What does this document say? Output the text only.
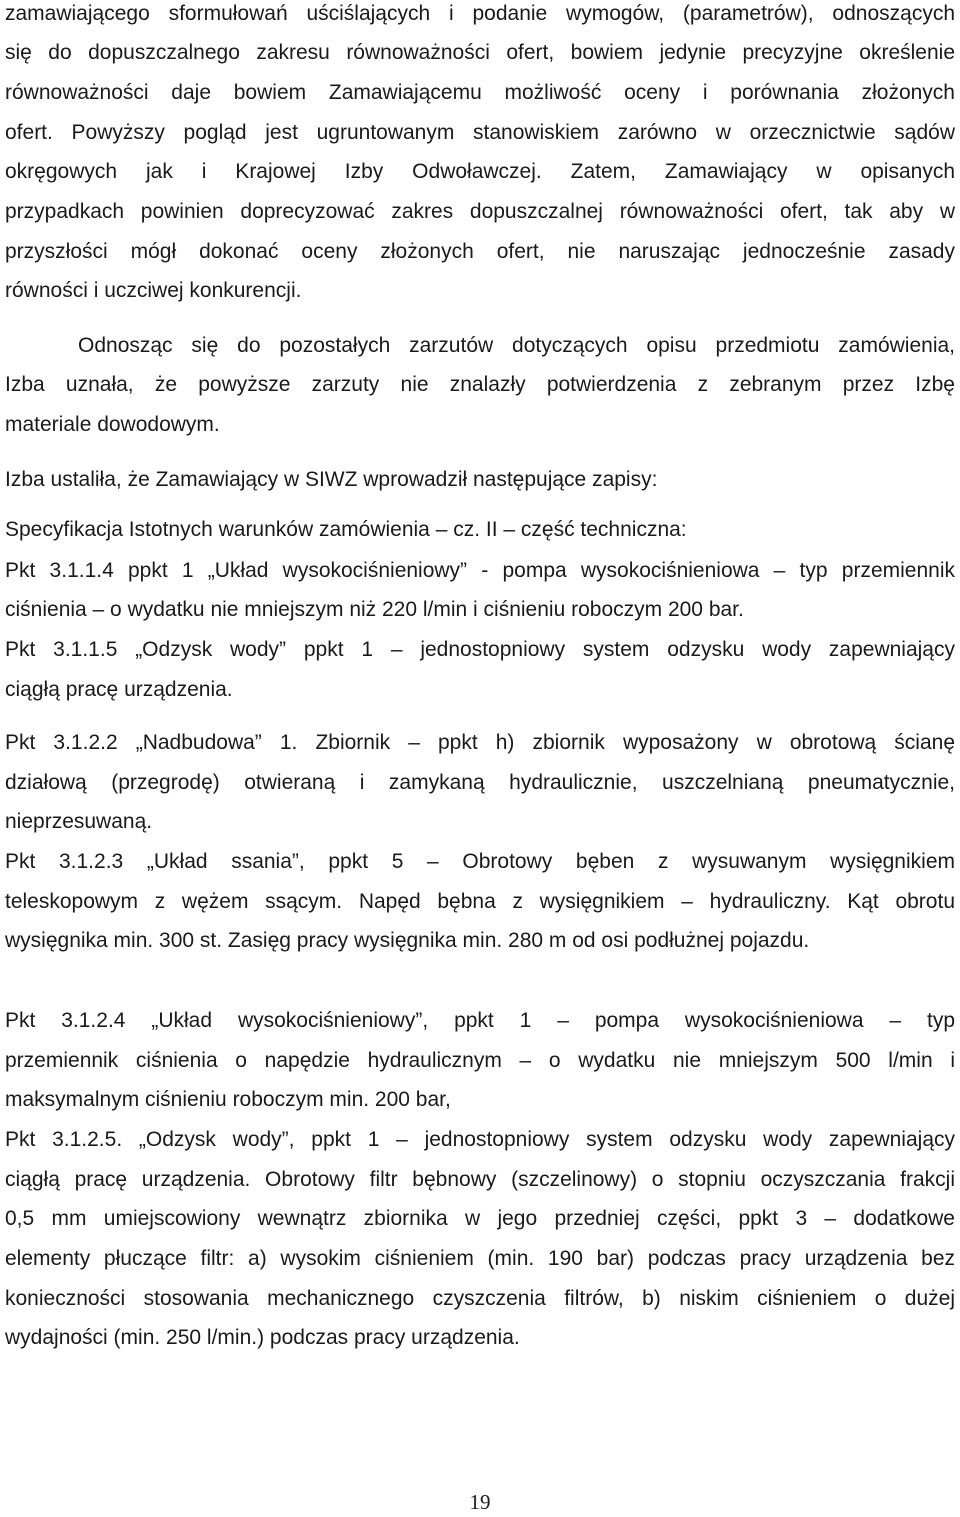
zamawiającego sformułowań uściślających i podanie wymogów, (parametrów), odnoszących
się do dopuszczalnego zakresu równoważności ofert, bowiem jedynie precyzyjne określenie
równoważności daje bowiem Zamawiającemu możliwość oceny i porównania złożonych
ofert. Powyższy pogląd jest ugruntowanym stanowiskiem zarówno w orzecznictwie sądów
okręgowych jak i Krajowej Izby Odwoławczej. Zatem, Zamawiający w opisanych
przypadkach powinien doprecyzować zakres dopuszczalnej równoważności ofert, tak aby w
przyszłości mógł dokonać oceny złożonych ofert, nie naruszając jednocześnie zasady
równości i uczciwej konkurencji.
Odnosząc się do pozostałych zarzutów dotyczących opisu przedmiotu zamówienia,
Izba uznała, że powyższe zarzuty nie znalazły potwierdzenia z zebranym przez Izbę
materiale dowodowym.
Izba ustaliła, że Zamawiający w SIWZ wprowadził następujące zapisy:
Specyfikacja Istotnych warunków zamówienia – cz. II – część techniczna:
Pkt 3.1.1.4 ppkt 1 „Układ wysokociśnieniowy” - pompa wysokociśnieniowa – typ przemiennik
ciśnienia – o wydatku nie mniejszym niż 220 l/min i ciśnieniu roboczym 200 bar.
Pkt 3.1.1.5 „Odzysk wody” ppkt 1 – jednostopniowy system odzysku wody zapewniający
ciągłą pracę urządzenia.
Pkt 3.1.2.2 „Nadbudowa” 1. Zbiornik – ppkt h) zbiornik wyposażony w obrotową ścianę
działową (przegrodę) otwieraną i zamykaną hydraulicznie, uszczelnianą pneumatycznie,
nieprzesuwaną.
Pkt 3.1.2.3 „Układ ssania”, ppkt 5 – Obrotowy bęben z wysuwanym wysięgnikiem
teleskopowym z wężem ssącym. Napęd bębna z wysięgnikiem – hydrauliczny. Kąt obrotu
wysięgnika min. 300 st. Zasięg pracy wysięgnika min. 280 m od osi podłużnej pojazdu.
Pkt 3.1.2.4 „Układ wysokociśnieniowy”, ppkt 1 – pompa wysokociśnieniowa – typ
przemiennik ciśnienia o napędzie hydraulicznym – o wydatku nie mniejszym 500 l/min i
maksymalnym ciśnieniu roboczym min. 200 bar,
Pkt 3.1.2.5. „Odzysk wody”, ppkt 1 – jednostopniowy system odzysku wody zapewniający
ciągłą pracę urządzenia. Obrotowy filtr bębnowy (szczelinowy) o stopniu oczyszczania frakcji
0,5 mm umiejscowiony wewnątrz zbiornika w jego przedniej części, ppkt 3 – dodatkowe
elementy płuczące filtr: a) wysokim ciśnieniem (min. 190 bar) podczas pracy urządzenia bez
konieczności stosowania mechanicznego czyszczenia filtrów, b) niskim ciśnieniem o dużej
wydajności (min. 250 l/min.) podczas pracy urządzenia.
19
